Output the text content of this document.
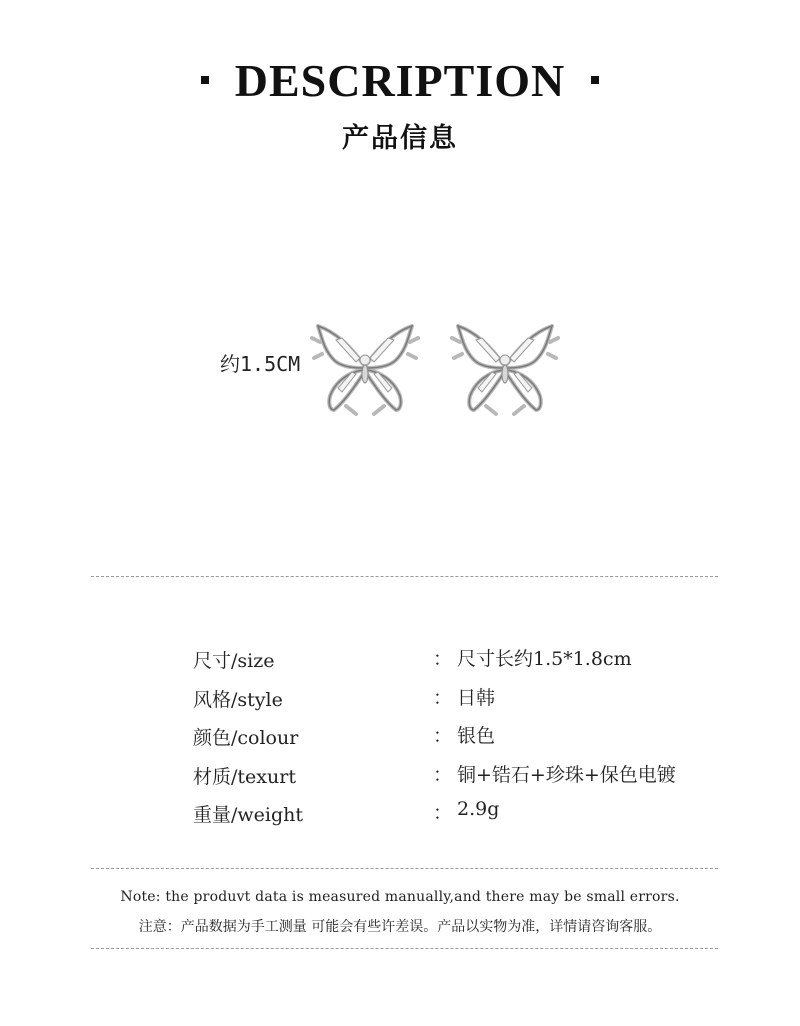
DESCRIPTION
产品信息
约1.5CM
尺寸/size	： 尺寸长约1.5*1.8cm
风格/style	： 日韩
颜色/colour	： 银色
材质/texurt	： 铜+锆石+珍珠+保色电镀
重量/weight	： 2.9g
Note: the produvt data is measured manually,and there may be small errors.
注意：产品数据为手工测量 可能会有些许差误。产品以实物为准，详情请咨询客服。
